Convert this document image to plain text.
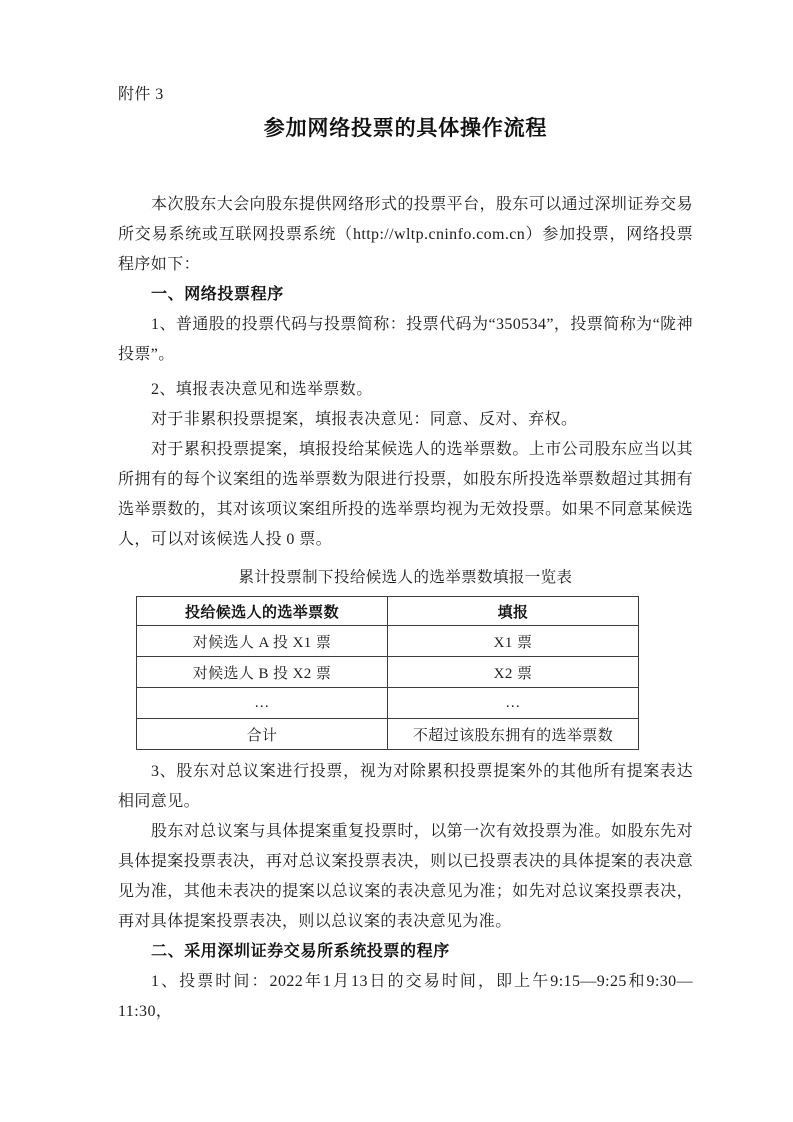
附件 3

参加网络投票的具体操作流程

本次股东大会向股东提供网络形式的投票平台，股东可以通过深圳证券交易所交易系统或互联网投票系统（http://wltp.cninfo.com.cn）参加投票，网络投票程序如下：

一、网络投票程序

1、普通股的投票代码与投票简称：投票代码为“350534”，投票简称为“陇神投票”。

2、填报表决意见和选举票数。

对于非累积投票提案，填报表决意见：同意、反对、弃权。

对于累积投票提案，填报投给某候选人的选举票数。上市公司股东应当以其所拥有的每个议案组的选举票数为限进行投票，如股东所投选举票数超过其拥有选举票数的，其对该项议案组所投的选举票均视为无效投票。如果不同意某候选人，可以对该候选人投 0 票。

累计投票制下投给候选人的选举票数填报一览表

投给候选人的选举票数	填报
对候选人 A 投 X1 票	X1 票
对候选人 B 投 X2 票	X2 票
…	…
合计	不超过该股东拥有的选举票数

3、股东对总议案进行投票，视为对除累积投票提案外的其他所有提案表达相同意见。

股东对总议案与具体提案重复投票时，以第一次有效投票为准。如股东先对具体提案投票表决，再对总议案投票表决，则以已投票表决的具体提案的表决意见为准，其他未表决的提案以总议案的表决意见为准；如先对总议案投票表决，再对具体提案投票表决，则以总议案的表决意见为准。

二、采用深圳证券交易所系统投票的程序

1、投票时间：2022年1月13日的交易时间，即上午9:15—9:25和9:30—11:30，
